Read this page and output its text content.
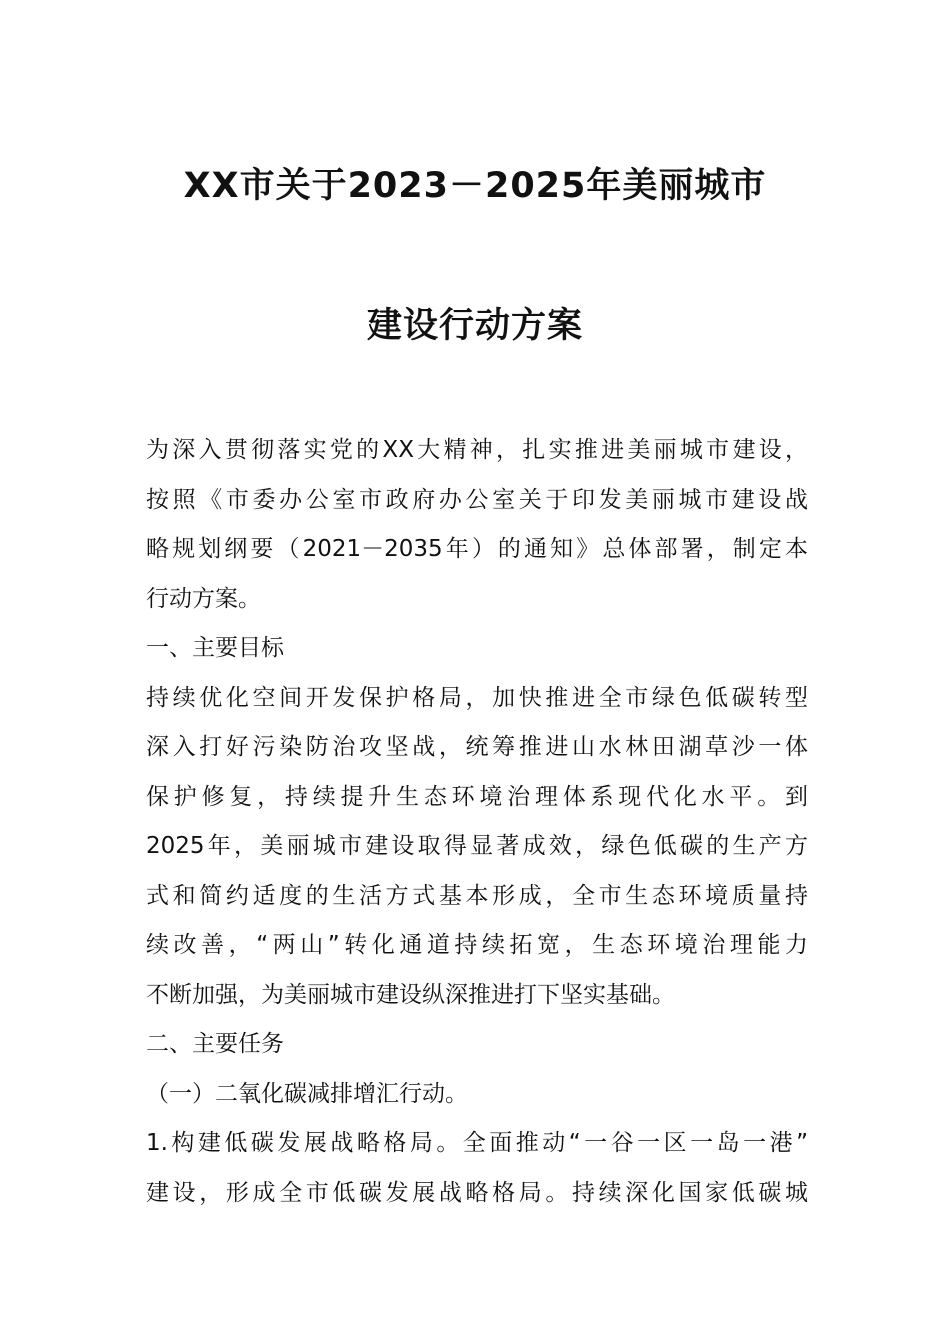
XX市关于2023－2025年美丽城市
建设行动方案
为深入贯彻落实党的XX大精神，扎实推进美丽城市建设，
按照《市委办公室市政府办公室关于印发美丽城市建设战
略规划纲要（2021－2035年）的通知》总体部署，制定本
行动方案。
一、主要目标
持续优化空间开发保护格局，加快推进全市绿色低碳转型
深入打好污染防治攻坚战，统筹推进山水林田湖草沙一体
保护修复，持续提升生态环境治理体系现代化水平。到
2025年，美丽城市建设取得显著成效，绿色低碳的生产方
式和简约适度的生活方式基本形成，全市生态环境质量持
续改善，“两山”转化通道持续拓宽，生态环境治理能力
不断加强，为美丽城市建设纵深推进打下坚实基础。
二、主要任务
（一）二氧化碳减排增汇行动。
1.构建低碳发展战略格局。全面推动“一谷一区一岛一港”
建设，形成全市低碳发展战略格局。持续深化国家低碳城
